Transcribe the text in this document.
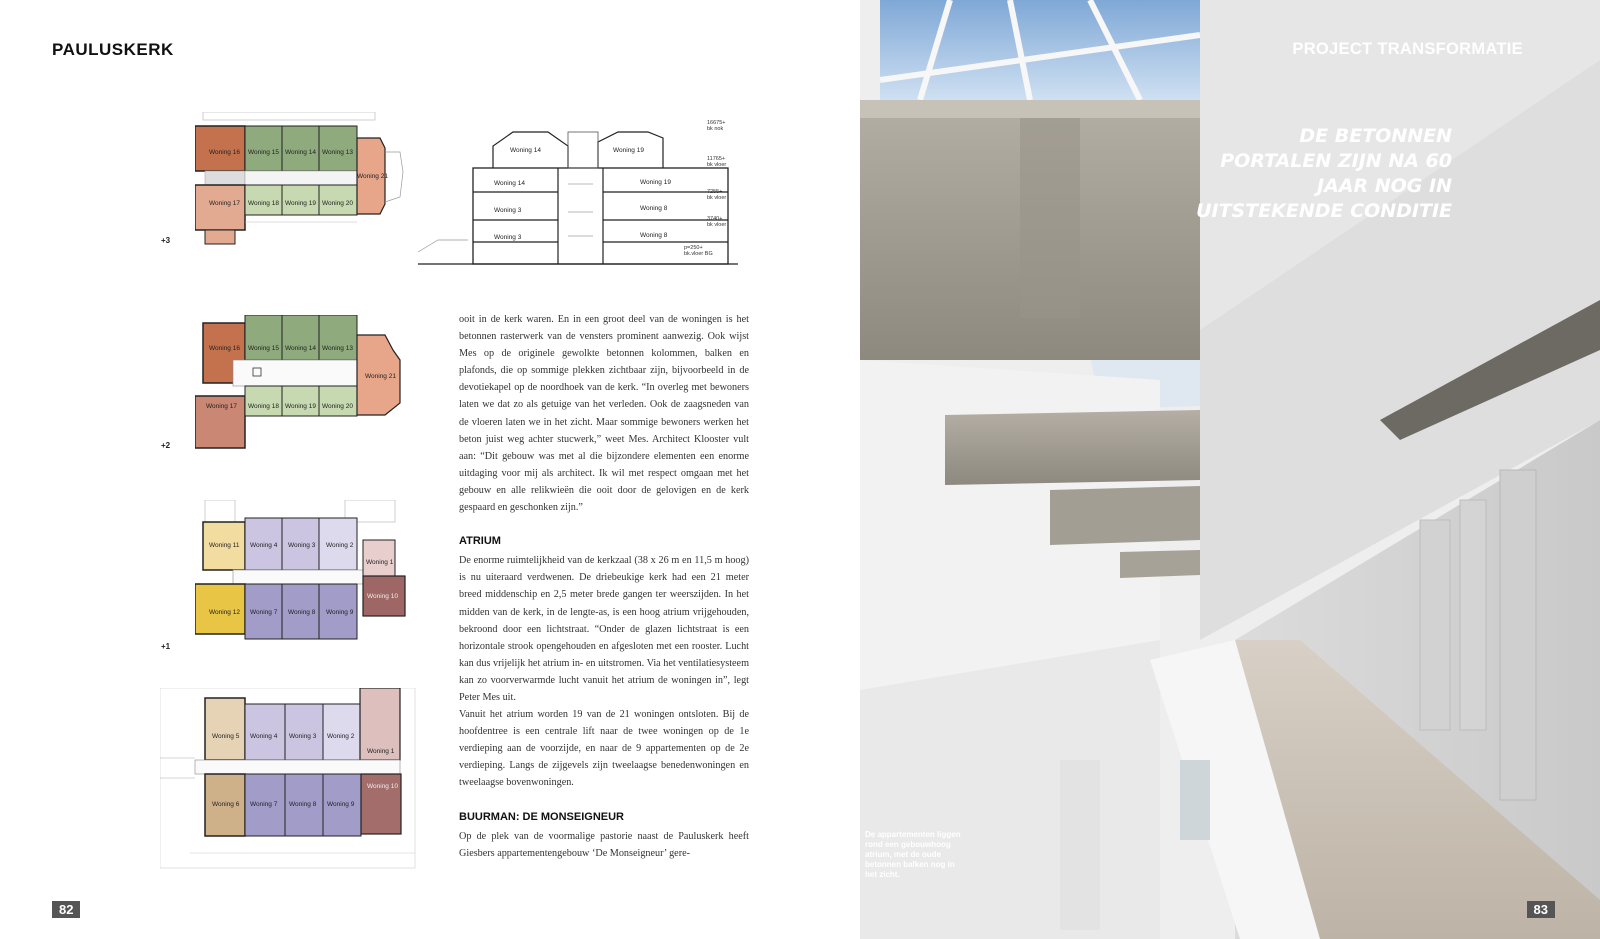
PAULUSKERK
Woning 16 Woning 15 Woning 14 Woning 13
Woning 17 Woning 18 Woning 19 Woning 20
Woning 21
+3
Woning 14	Woning 19
Woning 14	Woning 19
Woning 3	Woning 8
Woning 3	Woning 8
16675+
bk nok
11765+
bk vloer
7255+
bk vloer
3740+
bk vloer
p=250+
bk.vloer BG
Woning 16 Woning 15 Woning 14 Woning 13
Woning 17 Woning 18 Woning 19 Woning 20
Woning 21
+2
Woning 11 Woning 4 Woning 3 Woning 2
Woning 12 Woning 7 Woning 8 Woning 9
Woning 1
Woning 10
+1
Woning 5 Woning 4 Woning 3 Woning 2
Woning 6 Woning 7 Woning 8 Woning 9
Woning 1
Woning 10

ooit in de kerk waren. En in een groot deel van de woningen is het betonnen rasterwerk van de vensters prominent aanwezig. Ook wijst Mes op de originele gewolkte betonnen kolommen, balken en plafonds, die op sommige plekken zichtbaar zijn, bijvoorbeeld in de devotiekapel op de noordhoek van de kerk. “In overleg met bewoners laten we dat zo als getuige van het verleden. Ook de zaagsneden van de vloeren laten we in het zicht. Maar sommige bewoners werken het beton juist weg achter stucwerk,” weet Mes. Architect Klooster vult aan: “Dit gebouw was met al die bijzondere elementen een enorme uitdaging voor mij als architect. Ik wil met respect omgaan met het gebouw en alle relikwieën die ooit door de gelovigen en de kerk gespaard en geschonken zijn.”

ATRIUM

De enorme ruimtelijkheid van de kerkzaal (38 x 26 m en 11,5 m hoog) is nu uiteraard verdwenen. De driebeukige kerk had een 21 meter breed middenschip en 2,5 meter brede gangen ter weerszijden. In het midden van de kerk, in de lengte-as, is een hoog atrium vrijgehouden, bekroond door een lichtstraat. “Onder de glazen lichtstraat is een horizontale strook opengehouden en afgesloten met een rooster. Lucht kan dus vrijelijk het atrium in- en uitstromen. Via het ventilatiesysteem kan zo voorverwarmde lucht vanuit het atrium de woningen in”, legt Peter Mes uit.

Vanuit het atrium worden 19 van de 21 woningen ontsloten. Bij de hoofdentree is een centrale lift naar de twee woningen op de 1e verdieping aan de voorzijde, en naar de 9 appartementen op de 2e verdieping. Langs de zijgevels zijn tweelaagse benedenwoningen en tweelaagse bovenwoningen.

BUURMAN: DE MONSEIGNEUR

Op de plek van de voormalige pastorie naast de Pauluskerk heeft Giesbers appartementengebouw ‘De Monseigneur’ gere-

82
PROJECT TRANSFORMATIE
DE BETONNEN PORTALEN ZIJN NA 60 JAAR NOG IN UITSTEKENDE CONDITIE
83
De appartementen liggen rond een gebouwhoog atrium, met de oude betonnen balken nog in het zicht.
